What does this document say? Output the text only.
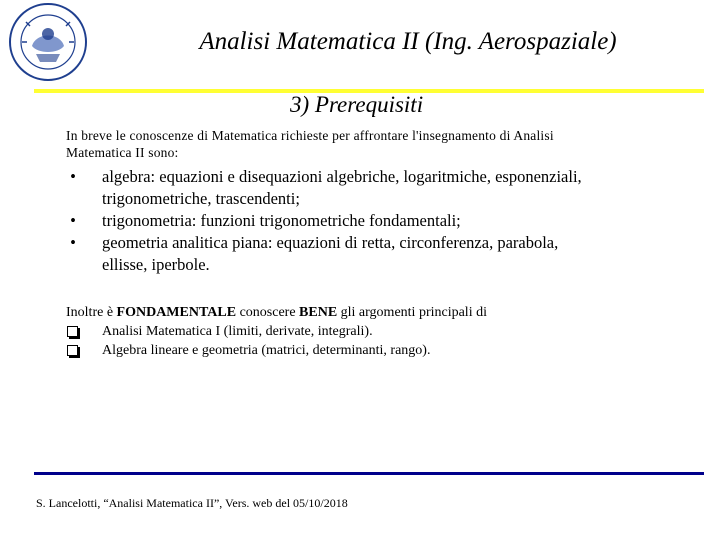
Analisi Matematica II (Ing. Aerospaziale)
3) Prerequisiti
In breve le conoscenze di Matematica richieste per affrontare l'insegnamento di Analisi
Matematica II sono:
• algebra: equazioni e disequazioni algebriche, logaritmiche, esponenziali,
trigonometriche, trascendenti;
• trigonometria: funzioni trigonometriche fondamentali;
• geometria analitica piana: equazioni di retta, circonferenza, parabola,
ellisse, iperbole.
Inoltre è FONDAMENTALE conoscere BENE gli argomenti principali di
Analisi Matematica I (limiti, derivate, integrali).
Algebra lineare e geometria (matrici, determinanti, rango).
S. Lancelotti, “Analisi Matematica II”, Vers. web del 05/10/2018
